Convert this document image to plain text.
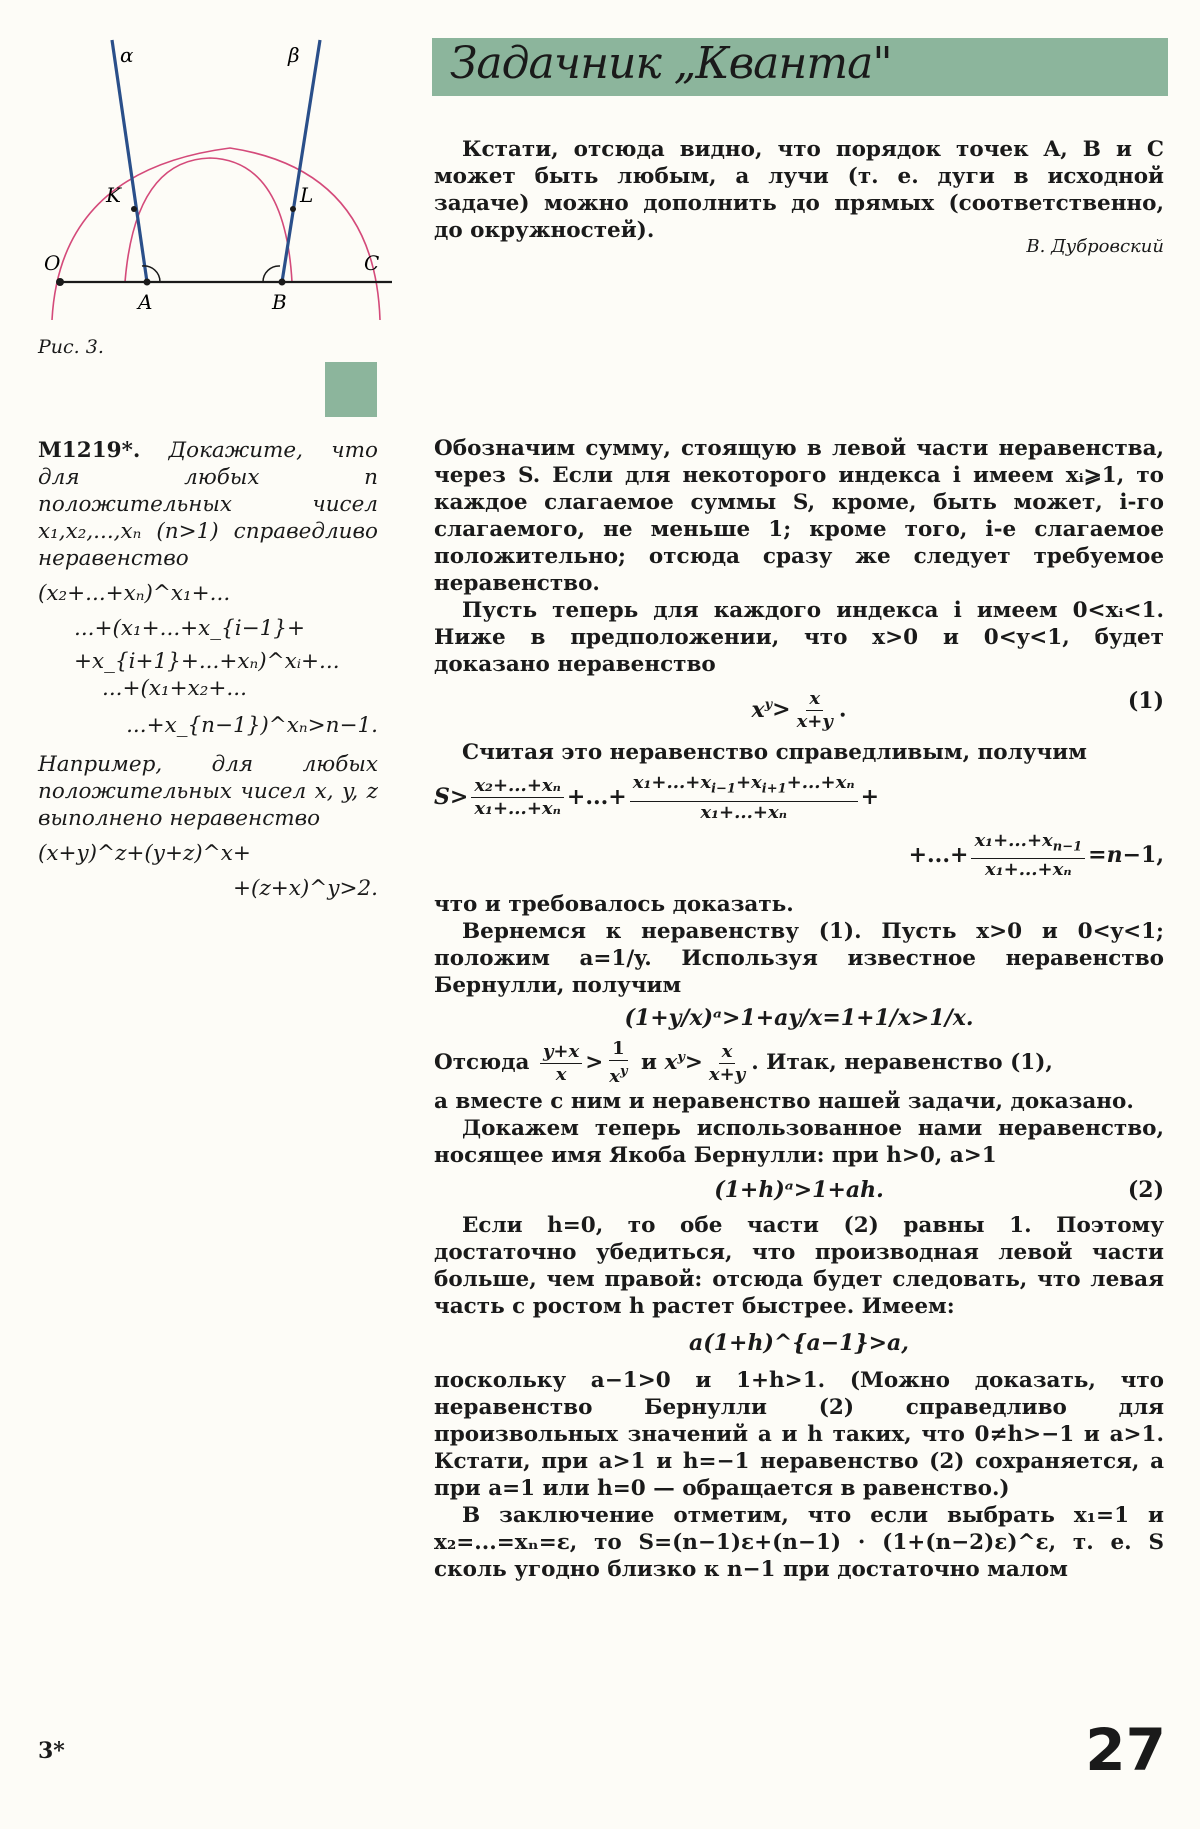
α	β
K	L
O	C
A	B
Рис. 3.
Задачник „Кванта"

Кстати, отсюда видно, что порядок точек A, B и C может быть любым, а лучи (т. е. дуги в исходной задаче) можно дополнить до прямых (соответственно, до окружностей).

В. Дубровский
M1219*. Докажите, что для любых n положительных чисел x₁,x₂,...,xₙ (n>1) справедливо неравенство
(x₂+...+xₙ)^x₁+...
...+(x₁+...+x_{i−1}+
+x_{i+1}+...+xₙ)^xᵢ+...
...+(x₁+x₂+...
...+x_{n−1})^xₙ>n−1.
Например, для любых положительных чисел x, y, z выполнено неравенство
(x+y)^z+(y+z)^x+
+(z+x)^y>2.

Обозначим сумму, стоящую в левой части неравенства, через S. Если для некоторого индекса i имеем xᵢ⩾1, то каждое слагаемое суммы S, кроме, быть может, i-го слагаемого, не меньше 1; кроме того, i-е слагаемое положительно; отсюда сразу же следует требуемое неравенство.

Пусть теперь для каждого индекса i имеем 0<xᵢ<1. Ниже в предположении, что x>0 и 0<y<1, будет доказано неравенство

$x^y> \frac{x}{x+y}$ .	(1)

Считая это неравенство справедливым, получим

$S> \frac{\text{x₂+...+xₙ}}{\text{x₁+...+xₙ}}$ +...+ $\frac{x_1+...+x_{i-1}+x_{i+1}+...+x_n}{\text{x₁+...+xₙ}}$ +
+...+ $\frac{x_1+...+x_{n-1}}{\text{x₁+...+xₙ}} =n-1$,

что и требовалось доказать.

Вернемся к неравенству (1). Пусть x>0 и 0<y<1; положим a=1/y. Используя известное неравенство Бернулли, получим

(1+y/x)ᵃ>1+ay/x=1+1/x>1/x.

Отсюда $\frac{y+x}{x} > \frac{1}{x^y}$ и $x^y> \frac{x}{x+y}$ . Итак, неравенство (1),

а вместе с ним и неравенство нашей задачи, доказано.

Докажем теперь использованное нами неравенство, носящее имя Якоба Бернулли: при h>0, a>1

(1+h)ᵃ>1+ah.	(2)

Если h=0, то обе части (2) равны 1. Поэтому достаточно убедиться, что производная левой части больше, чем правой: отсюда будет следовать, что левая часть с ростом h растет быстрее. Имеем:

a(1+h)^{a−1}>a,

поскольку a−1>0 и 1+h>1. (Можно доказать, что неравенство Бернулли (2) справедливо для произвольных значений a и h таких, что 0≠h>−1 и a>1. Кстати, при a>1 и h=−1 неравенство (2) сохраняется, а при a=1 или h=0 — обращается в равенство.)

В заключение отметим, что если выбрать x₁=1 и x₂=...=xₙ=ε, то S=(n−1)ε+(n−1) · (1+(n−2)ε)^ε, т. е. S сколь угодно близко к n−1 при достаточно малом

3*	27
